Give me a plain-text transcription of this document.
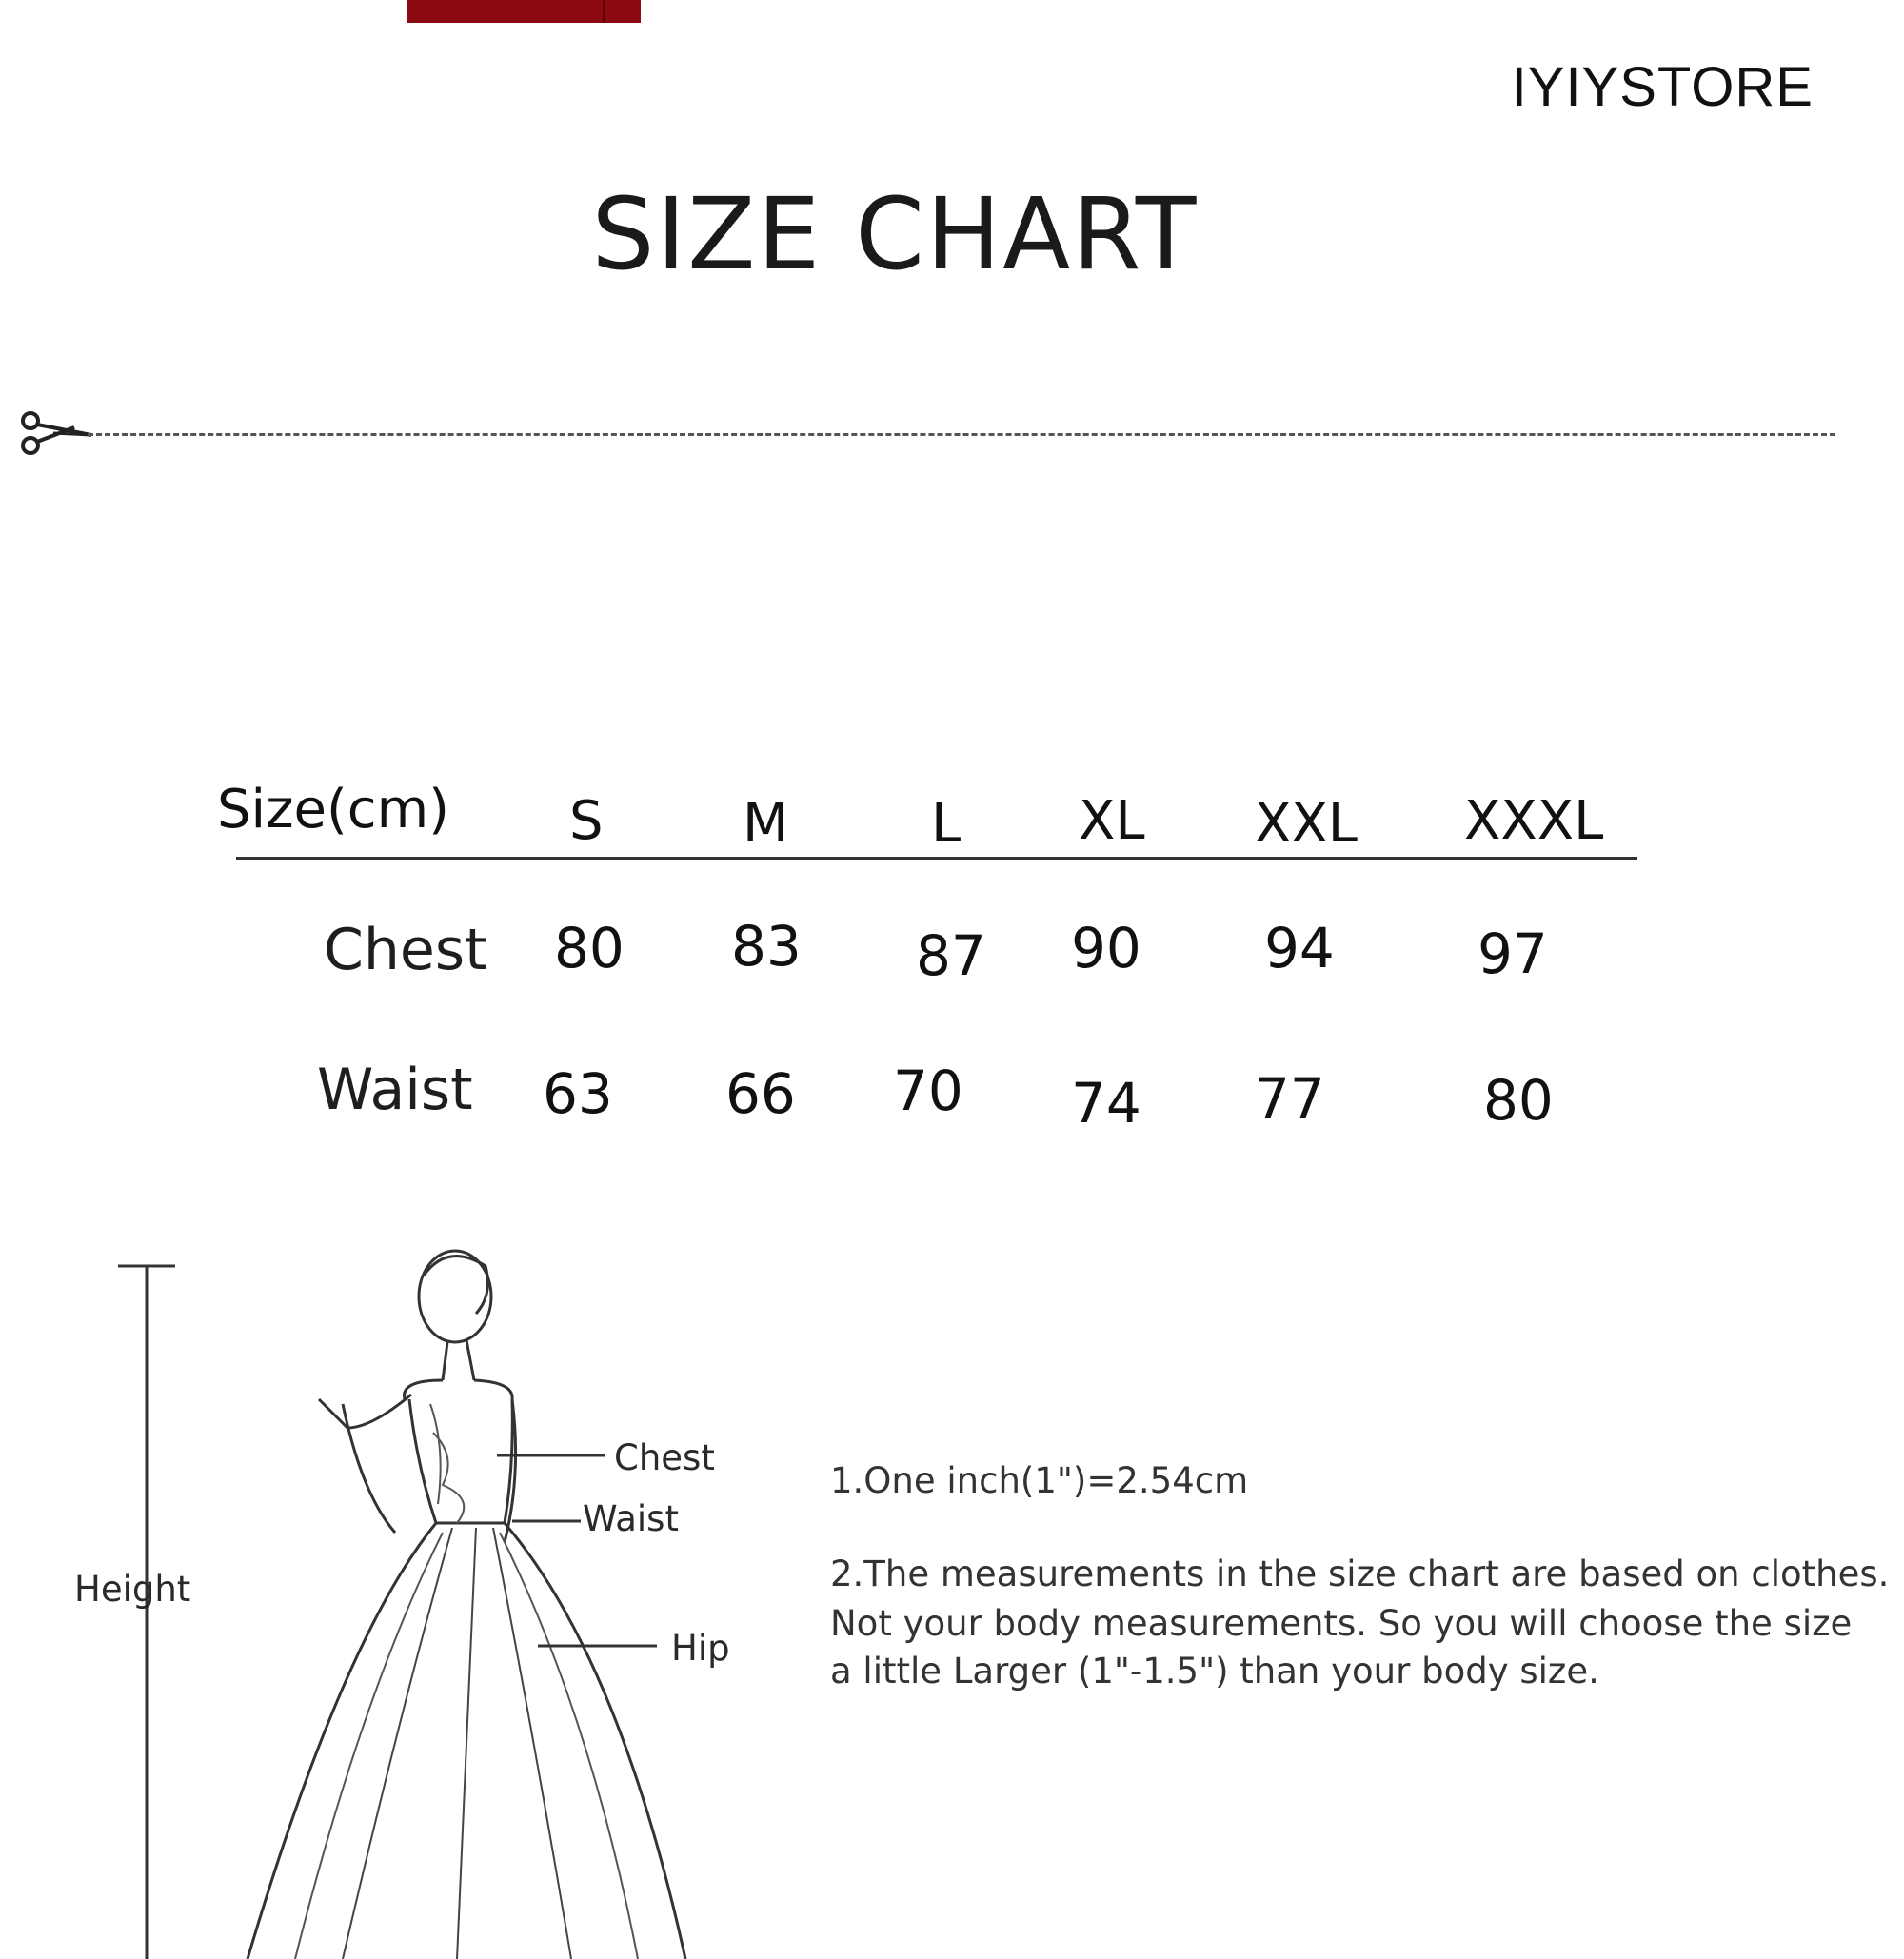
IYIYSTORE
SIZE CHART
Size(cm) S	M	L XL XXL XXXL
Chest 80 83 87 90 94	97
Waist 63 66 70 74 77	80
Chest
Waist
Hip
Height
1.One inch(1")=2.54cm
2.The measurements in the size chart are based on clothes.
Not your body measurements. So you will choose the size
a little Larger (1"-1.5") than your body size.
